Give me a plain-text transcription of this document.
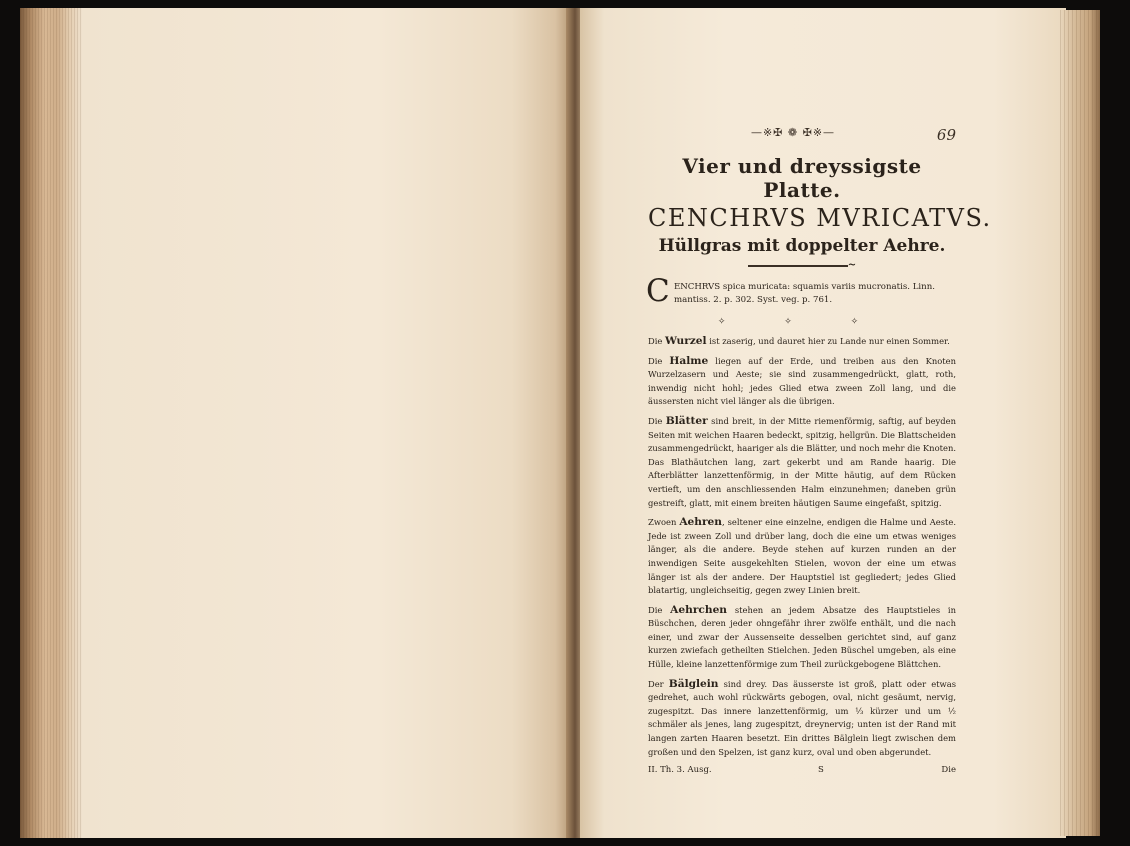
—※✠ ❁ ✠※—	69
Vier und dreyssigste Platte.
CENCHRVS MVRICATVS.
Hüllgras mit doppelter Aehre.
~
C ENCHRVS spica muricata: squamis variis mucronatis. Linn. mantiss. 2. p. 302. Syst. veg. p. 761.
✧ ✧ ✧

Die Wurzel ist zaserig, und dauret hier zu Lande nur einen Sommer.

Die Halme liegen auf der Erde, und treiben aus den Knoten Wurzelzasern und Aeste; sie sind zusammengedrückt, glatt, roth, inwendig nicht hohl; jedes Glied etwa zween Zoll lang, und die äussersten nicht viel länger als die übrigen.

Die Blätter sind breit, in der Mitte riemenförmig, saftig, auf beyden Seiten mit weichen Haaren bedeckt, spitzig, hellgrün. Die Blattscheiden zusammengedrückt, haariger als die Blätter, und noch mehr die Knoten. Das Blathäutchen lang, zart gekerbt und am Rande haarig. Die Afterblätter lanzettenförmig, in der Mitte häutig, auf dem Rücken vertieft, um den anschliessenden Halm einzunehmen; daneben grün gestreift, glatt, mit einem breiten häutigen Saume eingefaßt, spitzig.

Zwoen Aehren, seltener eine einzelne, endigen die Halme und Aeste. Jede ist zween Zoll und drüber lang, doch die eine um etwas weniges länger, als die andere. Beyde stehen auf kurzen runden an der inwendigen Seite ausgekehlten Stielen, wovon der eine um etwas länger ist als der andere. Der Hauptstiel ist gegliedert; jedes Glied blatartig, ungleichseitig, gegen zwey Linien breit.

Die Aehrchen stehen an jedem Absatze des Hauptstieles in Büschchen, deren jeder ohngefähr ihrer zwölfe enthält, und die nach einer, und zwar der Aussenseite desselben gerichtet sind, auf ganz kurzen zwiefach getheilten Stielchen. Jeden Büschel umgeben, als eine Hülle, kleine lanzettenförmige zum Theil zurückgebogene Blättchen.

Der Bälglein sind drey. Das äusserste ist groß, platt oder etwas gedrehet, auch wohl rückwärts gebogen, oval, nicht gesäumt, nervig, zugespitzt. Das innere lanzettenförmig, um ⅓ kürzer und um ½ schmäler als jenes, lang zugespitzt, dreynervig; unten ist der Rand mit langen zarten Haaren besetzt. Ein drittes Bälglein liegt zwischen dem großen und den Spelzen, ist ganz kurz, oval und oben abgerundet.

II. Th. 3. Ausg.	S	Die
